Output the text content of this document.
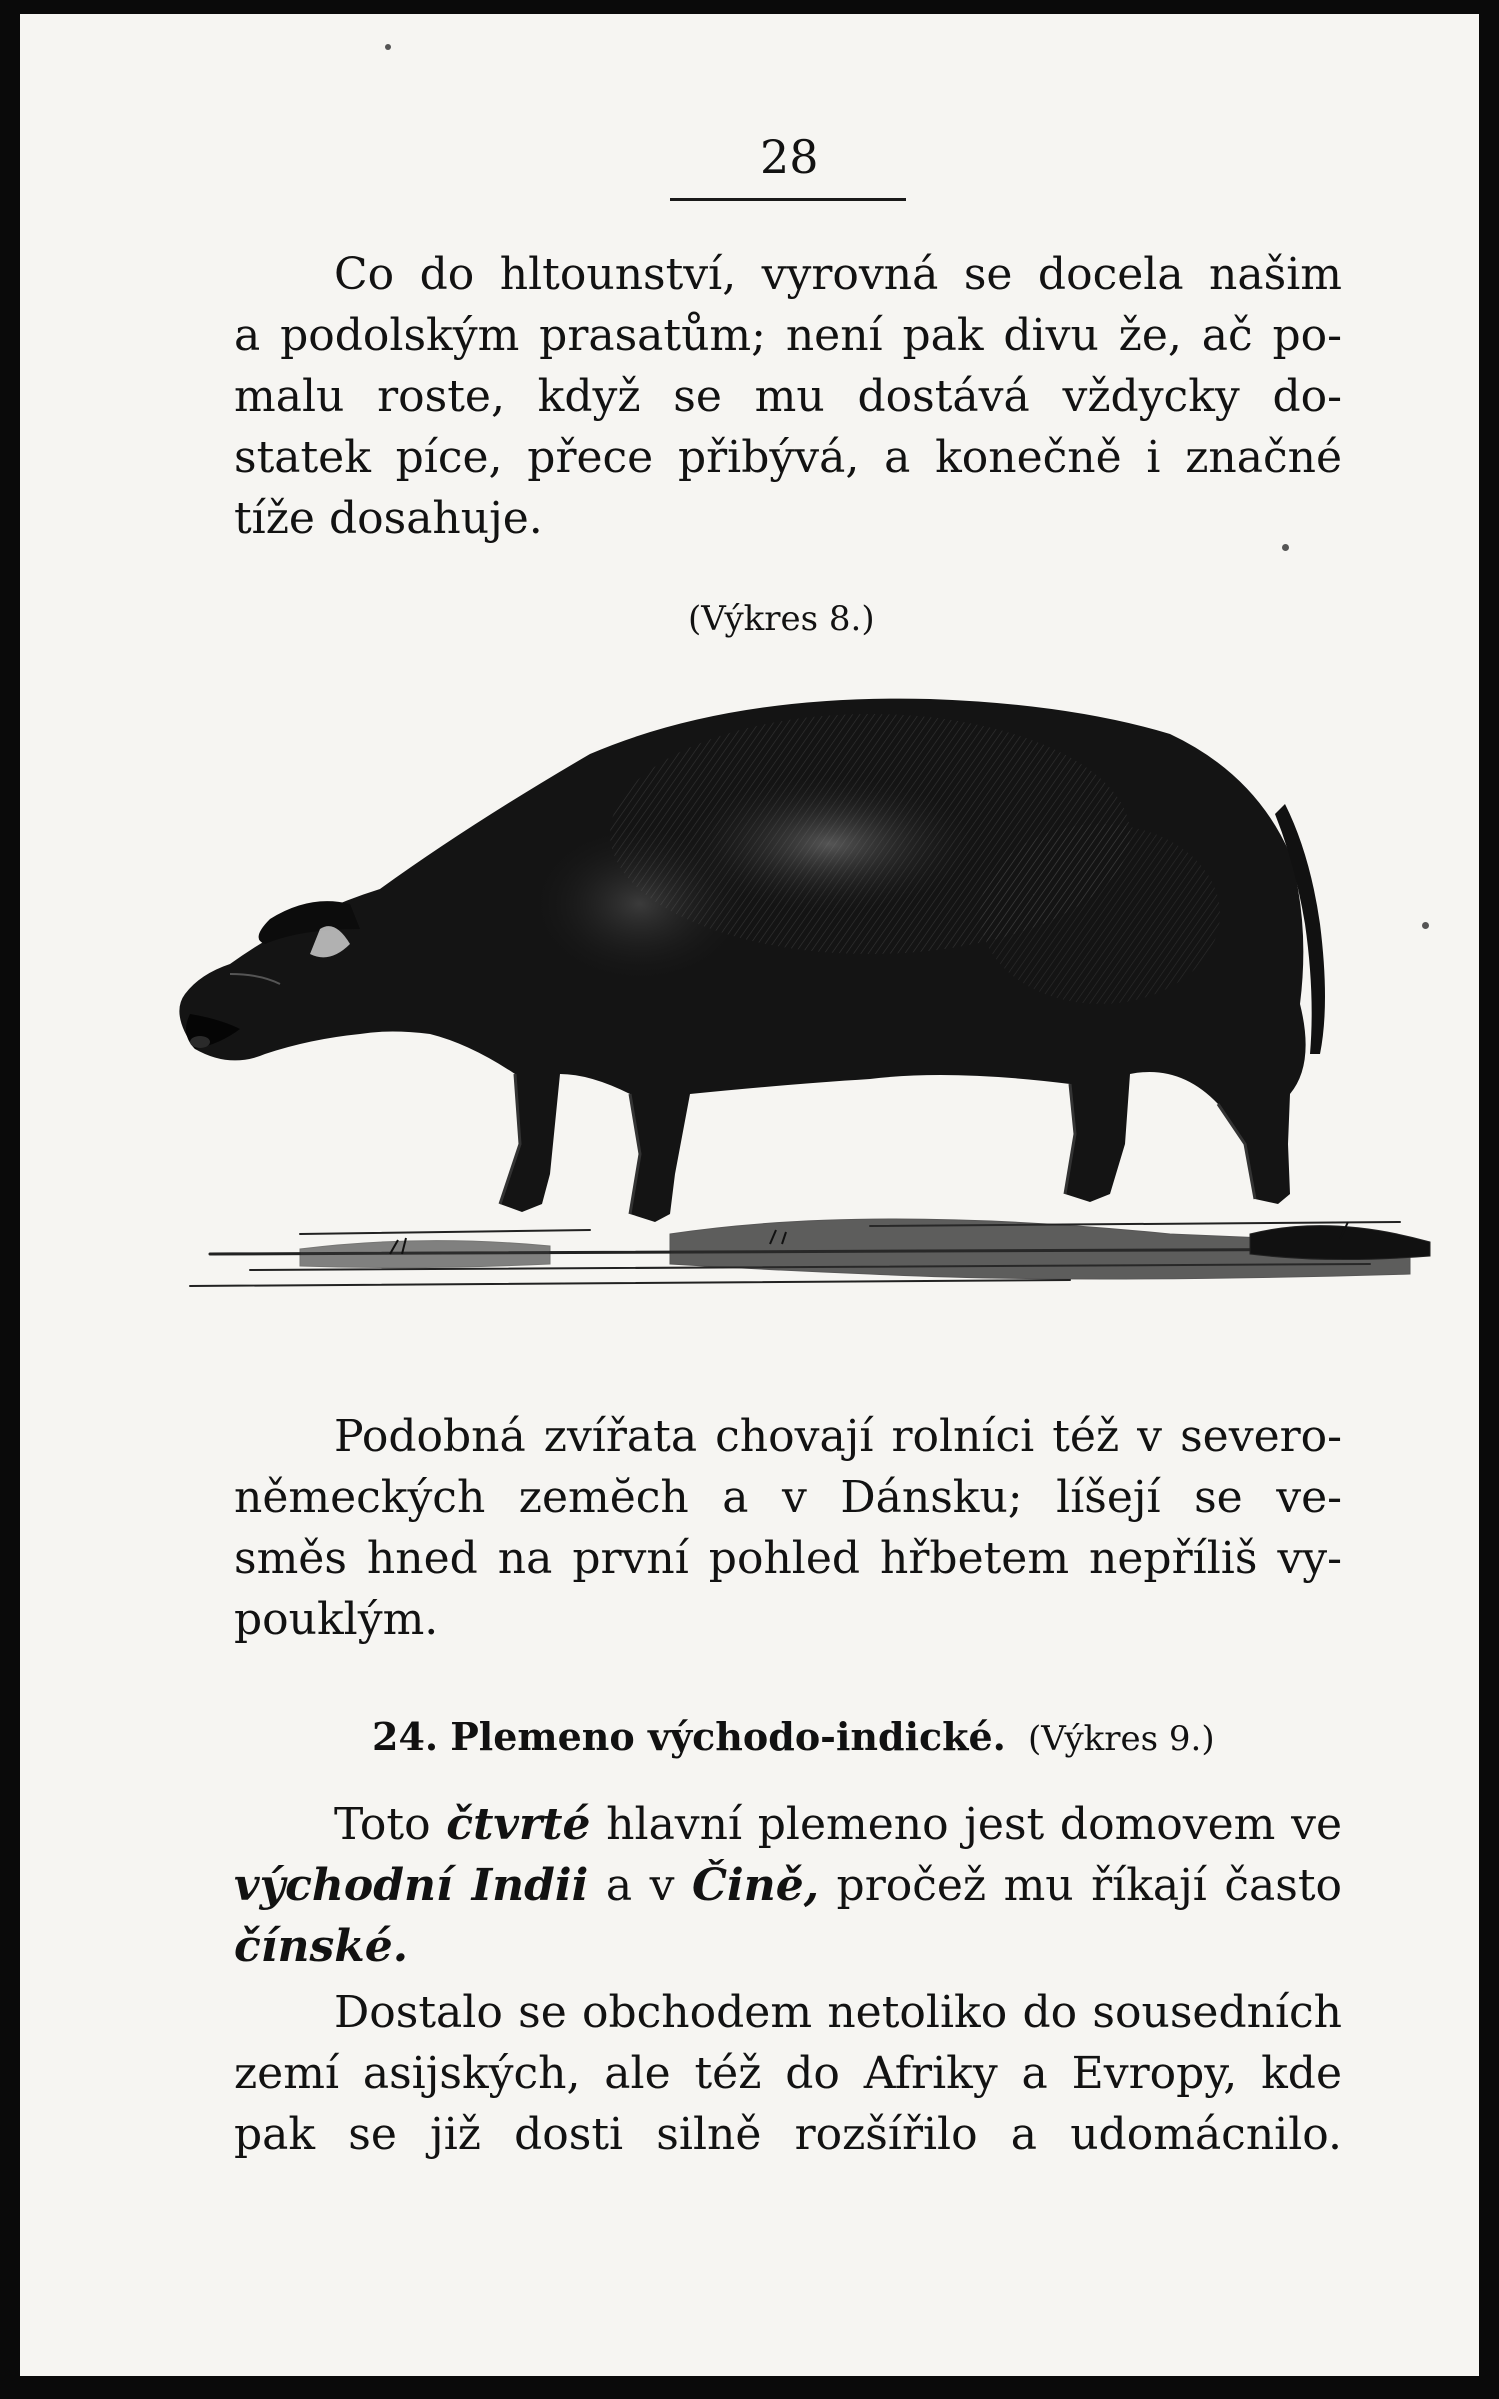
28
Co do hltounství, vyrovná se docela našim
a podolským prasatům; není pak divu že, ač po-
malu roste, když se mu dostává vždycky do-
statek píce, přece přibývá, a konečně i značné
tíže dosahuje.
(Výkres 8.)
Podobná zvířata chovají rolníci též v severo-
německých zemĕch a v Dánsku; líšejí se ve-
směs hned na první pohled hřbetem nepříliš vy-
pouklým.
24. Plemeno východo-indické. (Výkres 9.)
Toto čtvrté hlavní plemeno jest domovem ve
východní Indii a v Čině, pročež mu říkají často
čínské.
Dostalo se obchodem netoliko do sousedních
zemí asijských, ale též do Afriky a Evropy, kde
pak se již dosti silně rozšířilo a udomácnilo.
